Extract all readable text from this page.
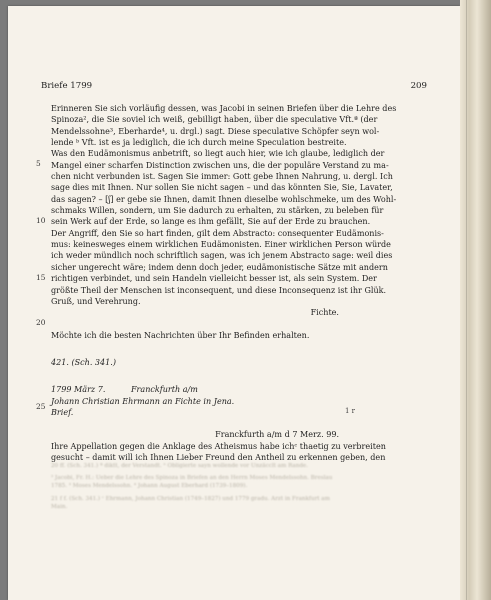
Briefe 1799	209
5
10
15
20
25
Erinneren Sie sich vorläufig dessen, was Jacobi in seinen Briefen über die Lehre des
Spinoza², die Sie soviel ich weiß, gebilligt haben, über die speculative Vft.ª (der
Mendelssohne³, Eberharde⁴, u. drgl.) sagt. Diese speculative Schöpfer seyn wol-
lende ᵇ Vft. ist es ja lediglich, die ich durch meine Speculation bestreite.
Was den Eudämonismus anbetrift, so liegt auch hier, wie ich glaube, lediglich der
Mangel einer scharfen Distinction zwischen uns, die der populäre Verstand zu ma-
chen nicht verbunden ist. Sagen Sie immer: Gott gebe Ihnen Nahrung, u. dergl. Ich
sage dies mit Ihnen. Nur sollen Sie nicht sagen – und das könnten Sie, Sie, Lavater,
das sagen? – [ʃ] er gebe sie Ihnen, damit Ihnen dieselbe wohlschmeke, um des Wohl-
schmaks Willen, sondern, um Sie dadurch zu erhalten, zu stärken, zu beleben für
sein Werk auf der Erde, so lange es ihm gefällt, Sie auf der Erde zu brauchen.
Der Angriff, den Sie so hart finden, gilt dem Abstracto: consequenter Eudämonis-
mus: keinesweges einem wirklichen Eudämonisten. Einer wirklichen Person würde
ich weder mündlich noch schriftlich sagen, was ich jenem Abstracto sage: weil dies
sicher ungerecht wäre; indem denn doch jeder, eudämonistische Sätze mit andern
richtigen verbindet, und sein Handeln vielleicht besser ist, als sein System. Der
größte Theil der Menschen ist inconsequent, und diese Inconsequenz ist ihr Glük.
Gruß, und Verehrung.
Fichte.
Möchte ich die besten Nachrichten über Ihr Befinden erhalten.
421. (Sch. 341.)
1799 März 7.          Franckfurth a/m
Johann Christian Ehrmann an Fichte in Jena.
Brief.
Franckfurth a/m d 7 Merz. 99.
Ihre Appellation gegen die Anklage des Atheismus habe ichᶜ thaetig zu verbreiten
gesucht – damit will ich Ihnen Lieber Freund den Antheil zu erkennen geben, den
1 r
20 ff. (Sch. 341.) ª diktt, der Verstandt. ᵇ Obligierte sayn wollende vor Unzäcclt am Rande.
² Jacobi, Fr. H.: Ueber die Lehre des Spinoza in Briefen an den Herrn Moses Mendelssohn. Breslau 1785. ³ Moses Mendelssohn. ⁴ Johann August Eberhard (1739–1809).
21 f f. (Sch. 341.) ᶜ Ehrmann, Johann Christian (1749–1827) und 1779 gradu. Arzt in Frankfurt am Main.
